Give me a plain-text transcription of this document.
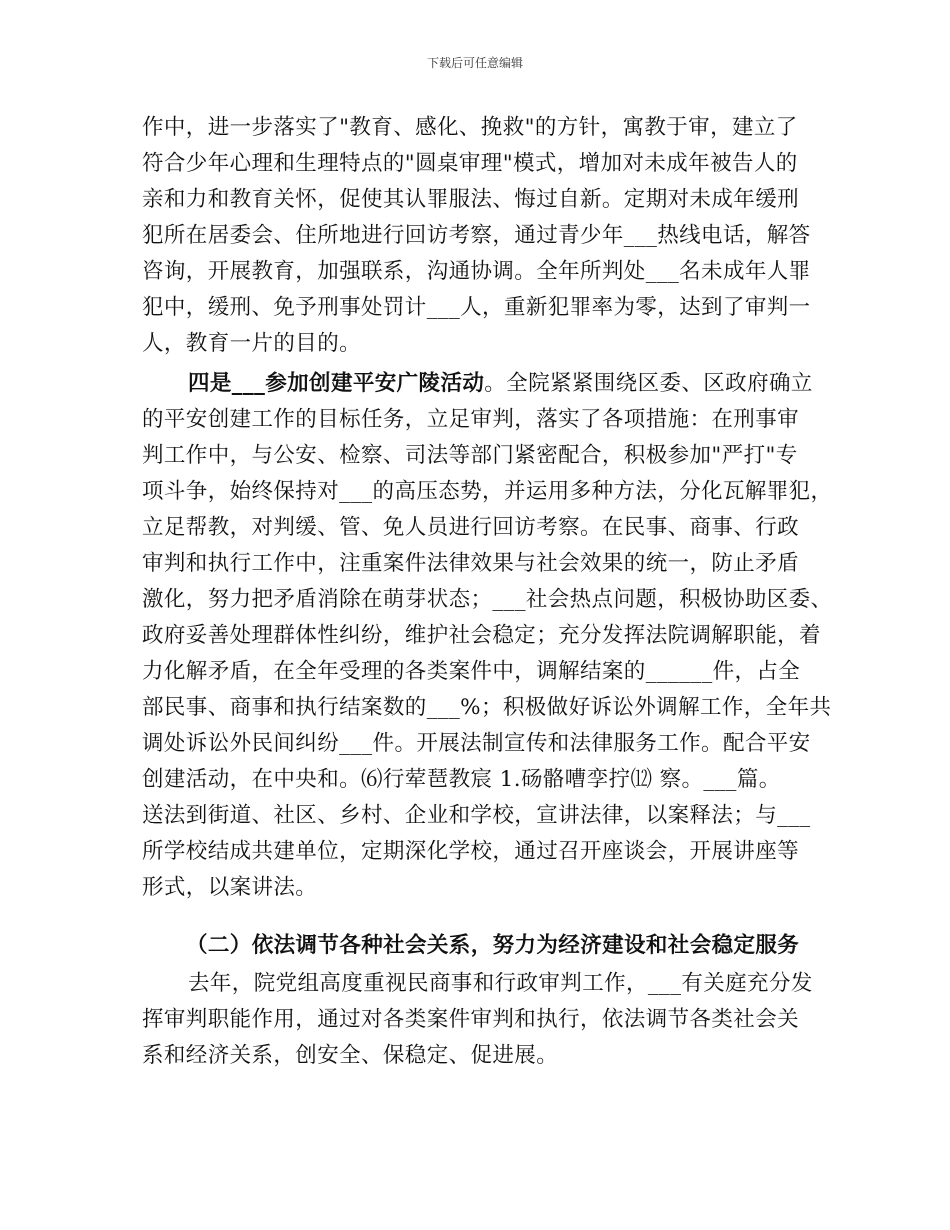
下载后可任意编辑
作中，进一步落实了"教育、感化、挽救"的方针，寓教于审，建立了
符合少年心理和生理特点的"圆桌审理"模式，增加对未成年被告人的
亲和力和教育关怀，促使其认罪服法、悔过自新。定期对未成年缓刑
犯所在居委会、住所地进行回访考察，通过青少年___热线电话，解答
咨询，开展教育，加强联系，沟通协调。全年所判处___名未成年人罪
犯中，缓刑、免予刑事处罚计___人，重新犯罪率为零，达到了审判一
人，教育一片的目的。
四是___参加创建平安广陵活动。全院紧紧围绕区委、区政府确立
的平安创建工作的目标任务，立足审判，落实了各项措施：在刑事审
判工作中，与公安、检察、司法等部门紧密配合，积极参加"严打"专
项斗争，始终保持对___的高压态势，并运用多种方法，分化瓦解罪犯，
立足帮教，对判缓、管、免人员进行回访考察。在民事、商事、行政
审判和执行工作中，注重案件法律效果与社会效果的统一，防止矛盾
激化，努力把矛盾消除在萌芽状态；___社会热点问题，积极协助区委、
政府妥善处理群体性纠纷，维护社会稳定；充分发挥法院调解职能，着
力化解矛盾，在全年受理的各类案件中，调解结案的______件，占全
部民事、商事和执行结案数的___%；积极做好诉讼外调解工作，全年共
调处诉讼外民间纠纷___件。开展法制宣传和法律服务工作。配合平安
创建活动，在中央和。⑹行荤琶教宸 1.砀骼嘈孪拧⑿ 察。___篇。
送法到街道、社区、乡村、企业和学校，宣讲法律，以案释法；与___
所学校结成共建单位，定期深化学校，通过召开座谈会，开展讲座等
形式，以案讲法。
（二）依法调节各种社会关系，努力为经济建设和社会稳定服务
去年，院党组高度重视民商事和行政审判工作，___有关庭充分发
挥审判职能作用，通过对各类案件审判和执行，依法调节各类社会关
系和经济关系，创安全、保稳定、促进展。
